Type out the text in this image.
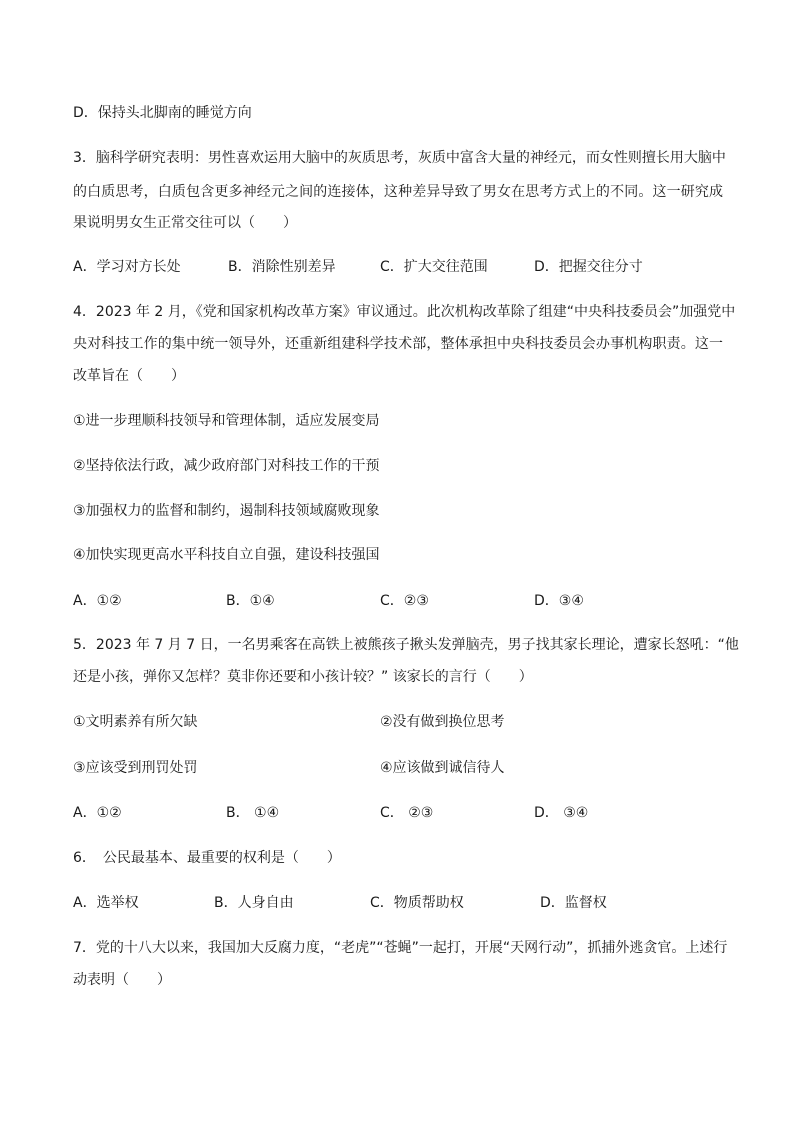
D．保持头北脚南的睡觉方向
3．脑科学研究表明：男性喜欢运用大脑中的灰质思考，灰质中富含大量的神经元，而女性则擅长用大脑中
的白质思考，白质包含更多神经元之间的连接体，这种差异导致了男女在思考方式上的不同。这一研究成
果说明男女生正常交往可以（　　）
A．学习对方长处	B．消除性别差异	C．扩大交往范围	D．把握交往分寸
4．2023 年 2 月，《党和国家机构改革方案》审议通过。此次机构改革除了组建“中央科技委员会”加强党中
央对科技工作的集中统一领导外，还重新组建科学技术部，整体承担中央科技委员会办事机构职责。这一
改革旨在（　　）
①进一步理顺科技领导和管理体制，适应发展变局
②坚持依法行政，减少政府部门对科技工作的干预
③加强权力的监督和制约，遏制科技领域腐败现象
④加快实现更高水平科技自立自强，建设科技强国
A．①②	B．①④	C．②③	D．③④
5．2023 年 7 月 7 日，一名男乘客在高铁上被熊孩子揪头发弹脑壳，男子找其家长理论，遭家长怒吼：“他
还是小孩，弹你又怎样？莫非你还要和小孩计较？” 该家长的言行（　　）
①文明素养有所欠缺	②没有做到换位思考
③应该受到刑罚处罚	④应该做到诚信待人
A．①②	B． ①④	C． ②③	D． ③④
6．　公民最基本、最重要的权利是（　　）
A．选举权	B．人身自由	C．物质帮助权	D．监督权
7．党的十八大以来，我国加大反腐力度，“老虎”“苍蝇”一起打，开展“天网行动”，抓捕外逃贪官。上述行
动表明（　　）
